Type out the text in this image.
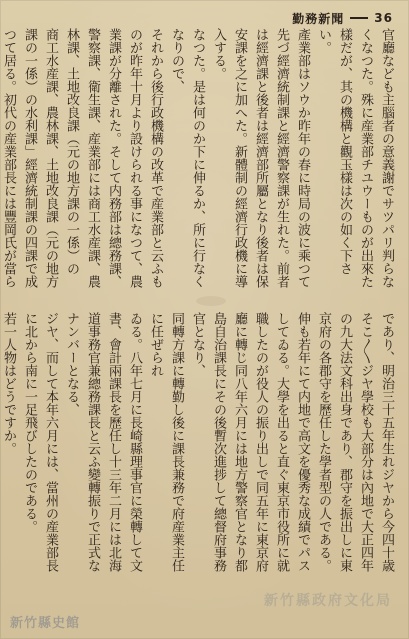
勤務新聞	36

官廳なども主腦者の意義謝でサツパリ判らなくなつた。殊に産業部チユウーものが出來た樣だが、其の機構と觀玉樣は次の如く下さい。

產業部はソウか昨年の春に時局の波に乘つて先づ經濟統制課と經濟警察課が生れた。前者は經濟課と後者は經濟部所屬となり後者は保安課を之に加へた。新體制の經濟行政機に導入する。

なつた。是は何のか下に伸るか、所に行なくなりので、

それから後行政機構の改革で産業部と云ふものが昨年十月より設けられる事になつて、農業課が分離された。そして内務部は總務課、警察課、衛生課、産業部には商工水産課、農林課、土地改良課（元の地方課の一係）の

商工水産課、農林課、土地改良課（元の地方課の一係）の水利課」經濟統制課の四課で成つて居る。初代の産業部長には豐岡氏が當ら

であり、明治三十五年生れジヤから今四十歳そこ〳〵ジヤ學校も大部分は內地で大正四年の九大法文科出身であり、郡守を振出しに東京府の各郡守を歷任した學者型の人である。

伸も若年にて内地で高文を優秀な成績でパスしてゐる。大學を出ると直ぐ東京市役所に就職したのが役人の振り出しで同五年に東京府廳に轉じ同八年六月には地方警察官となり都島自治課長にその後暫次進捗して總督府事務官となり、

同轉方課に轉勤し後に課長兼務で府産業主任に任ぜられ

ゐる。八年七月に長崎縣理事官に榮轉して文書、會計兩課長を歷任し十三年二月には北海道事務官兼總務課長と云ふ變轉振りで正式なナンバーとなる、

ジヤ、而して本年六月には、當州の産業部長に北から南に一足飛びしたのである。

若一人物はどうですか。

新竹縣政府文化局
新竹縣史館
